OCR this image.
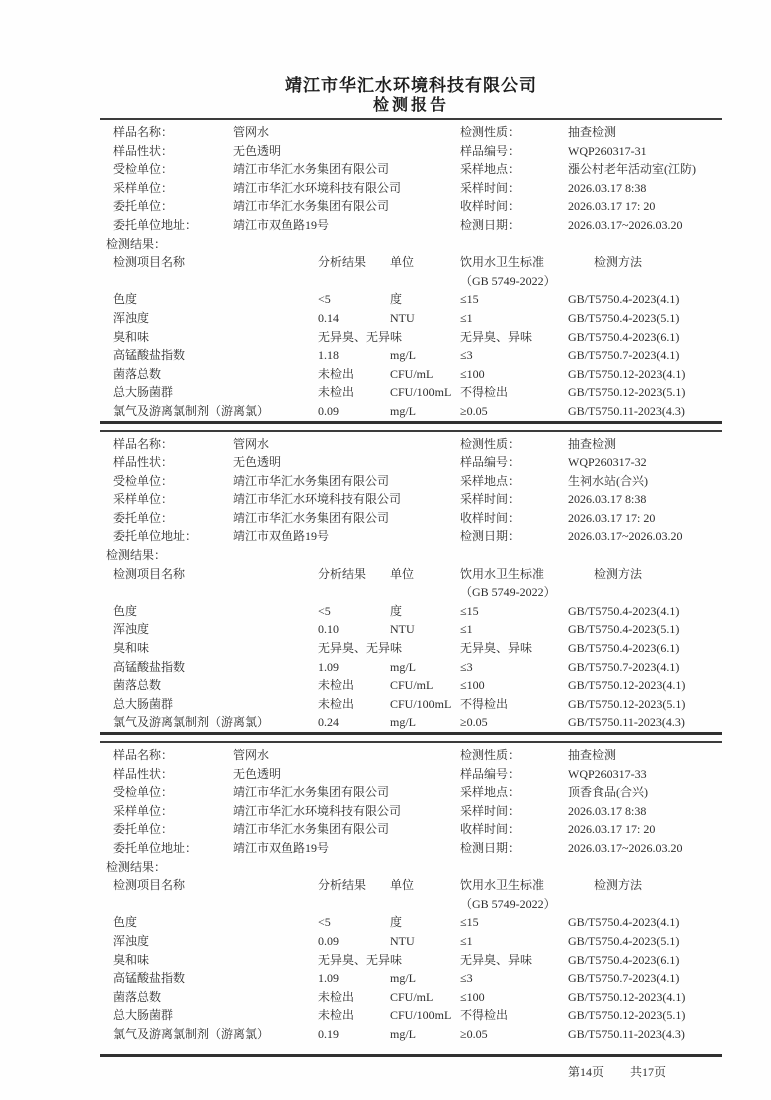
靖江市华汇水环境科技有限公司
检测报告
样品名称：	管网水	检测性质：	抽查检测
样品性状：	无色透明	样品编号：	WQP260317-31
受检单位：	靖江市华汇水务集团有限公司	采样地点：	漲公村老年活动室(江防)
采样单位：	靖江市华汇水环境科技有限公司	采样时间：	2026.03.17 8:38
委托单位：	靖江市华汇水务集团有限公司	收样时间：	2026.03.17 17: 20
委托单位地址：	靖江市双鱼路19号	检测日期：	2026.03.17~2026.03.20
检测结果：
检测项目名称	分析结果	单位	饮用水卫生标准	检测方法
			（GB 5749-2022）	
色度	<5	度	≤15	GB/T5750.4-2023(4.1)
浑浊度	0.14	NTU	≤1	GB/T5750.4-2023(5.1)
臭和味	无异臭、无异味		无异臭、异味	GB/T5750.4-2023(6.1)
高锰酸盐指数	1.18	mg/L	≤3	GB/T5750.7-2023(4.1)
菌落总数	未检出	CFU/mL	≤100	GB/T5750.12-2023(4.1)
总大肠菌群	未检出	CFU/100mL	不得检出	GB/T5750.12-2023(5.1)
氯气及游离氯制剂（游离氯）	0.09	mg/L	≥0.05	GB/T5750.11-2023(4.3)
样品名称：	管网水	检测性质：	抽查检测
样品性状：	无色透明	样品编号：	WQP260317-32
受检单位：	靖江市华汇水务集团有限公司	采样地点：	生祠水站(合兴)
采样单位：	靖江市华汇水环境科技有限公司	采样时间：	2026.03.17 8:38
委托单位：	靖江市华汇水务集团有限公司	收样时间：	2026.03.17 17: 20
委托单位地址：	靖江市双鱼路19号	检测日期：	2026.03.17~2026.03.20
检测结果：
检测项目名称	分析结果	单位	饮用水卫生标准	检测方法
			（GB 5749-2022）	
色度	<5	度	≤15	GB/T5750.4-2023(4.1)
浑浊度	0.10	NTU	≤1	GB/T5750.4-2023(5.1)
臭和味	无异臭、无异味		无异臭、异味	GB/T5750.4-2023(6.1)
高锰酸盐指数	1.09	mg/L	≤3	GB/T5750.7-2023(4.1)
菌落总数	未检出	CFU/mL	≤100	GB/T5750.12-2023(4.1)
总大肠菌群	未检出	CFU/100mL	不得检出	GB/T5750.12-2023(5.1)
氯气及游离氯制剂（游离氯）	0.24	mg/L	≥0.05	GB/T5750.11-2023(4.3)
样品名称：	管网水	检测性质：	抽查检测
样品性状：	无色透明	样品编号：	WQP260317-33
受检单位：	靖江市华汇水务集团有限公司	采样地点：	顶香食品(合兴)
采样单位：	靖江市华汇水环境科技有限公司	采样时间：	2026.03.17 8:38
委托单位：	靖江市华汇水务集团有限公司	收样时间：	2026.03.17 17: 20
委托单位地址：	靖江市双鱼路19号	检测日期：	2026.03.17~2026.03.20
检测结果：
检测项目名称	分析结果	单位	饮用水卫生标准	检测方法
			（GB 5749-2022）	
色度	<5	度	≤15	GB/T5750.4-2023(4.1)
浑浊度	0.09	NTU	≤1	GB/T5750.4-2023(5.1)
臭和味	无异臭、无异味		无异臭、异味	GB/T5750.4-2023(6.1)
高锰酸盐指数	1.09	mg/L	≤3	GB/T5750.7-2023(4.1)
菌落总数	未检出	CFU/mL	≤100	GB/T5750.12-2023(4.1)
总大肠菌群	未检出	CFU/100mL	不得检出	GB/T5750.12-2023(5.1)
氯气及游离氯制剂（游离氯）	0.19	mg/L	≥0.05	GB/T5750.11-2023(4.3)
第14页 共17页
